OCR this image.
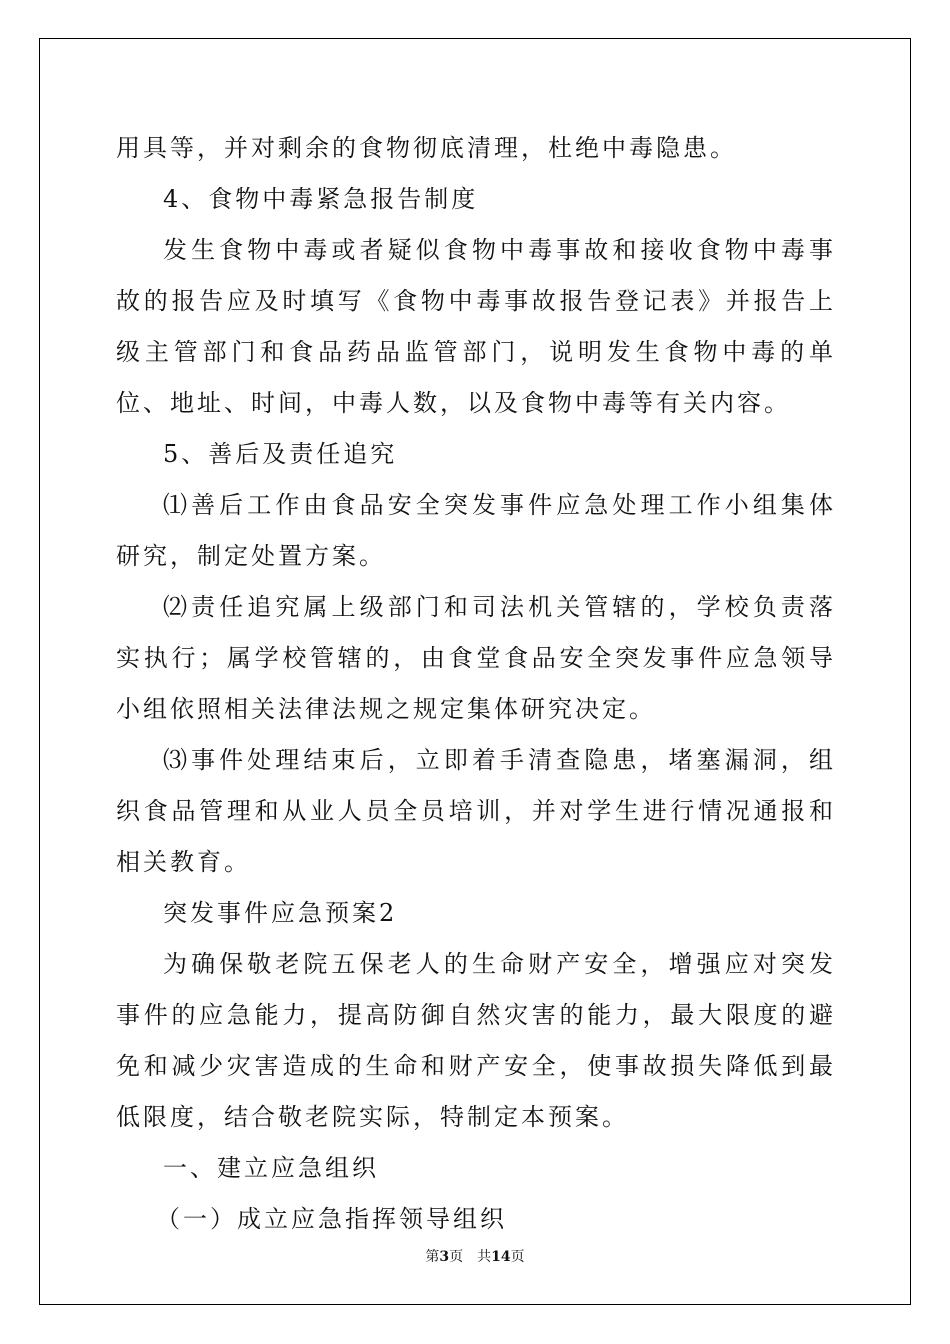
用具等，并对剩余的食物彻底清理，杜绝中毒隐患。

4、食物中毒紧急报告制度

发生食物中毒或者疑似食物中毒事故和接收食物中毒事故的报告应及时填写《食物中毒事故报告登记表》并报告上级主管部门和食品药品监管部门，说明发生食物中毒的单位、地址、时间，中毒人数，以及食物中毒等有关内容。

5、善后及责任追究

⑴善后工作由食品安全突发事件应急处理工作小组集体研究，制定处置方案。

⑵责任追究属上级部门和司法机关管辖的，学校负责落实执行；属学校管辖的，由食堂食品安全突发事件应急领导小组依照相关法律法规之规定集体研究决定。

⑶事件处理结束后，立即着手清查隐患，堵塞漏洞，组织食品管理和从业人员全员培训，并对学生进行情况通报和相关教育。

突发事件应急预案2

为确保敬老院五保老人的生命财产安全，增强应对突发事件的应急能力，提高防御自然灾害的能力，最大限度的避免和减少灾害造成的生命和财产安全，使事故损失降低到最低限度，结合敬老院实际，特制定本预案。

一、建立应急组织

（一）成立应急指挥领导组织

第3页 共14页
